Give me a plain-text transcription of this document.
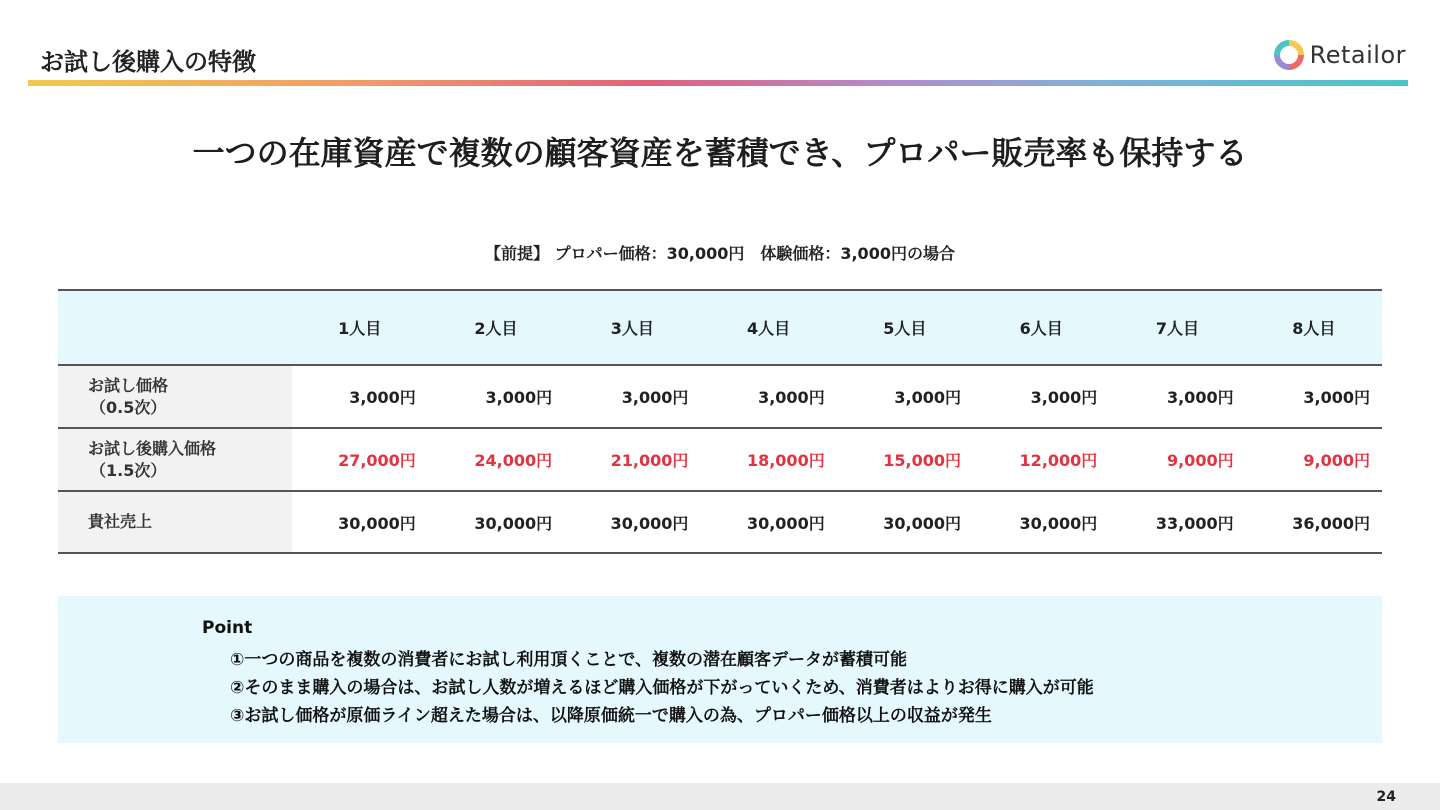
お試し後購入の特徴	Retailor
一つの在庫資産で複数の顧客資産を蓄積でき、プロパー販売率も保持する
【前提】 プロパー価格：30,000円　体験価格：3,000円の場合
	1人目	2人目	3人目	4人目	5人目	6人目	7人目	8人目
お試し価格
（0.5次）	3,000円	3,000円	3,000円	3,000円	3,000円	3,000円	3,000円	3,000円
お試し後購入価格
（1.5次）	27,000円	24,000円	21,000円	18,000円	15,000円	12,000円	9,000円	9,000円
貴社売上	30,000円	30,000円	30,000円	30,000円	30,000円	30,000円	33,000円	36,000円
Point
①一つの商品を複数の消費者にお試し利用頂くことで、複数の潜在顧客データが蓄積可能
②そのまま購入の場合は、お試し人数が増えるほど購入価格が下がっていくため、消費者はよりお得に購入が可能
③お試し価格が原価ライン超えた場合は、以降原価統一で購入の為、プロパー価格以上の収益が発生
24
